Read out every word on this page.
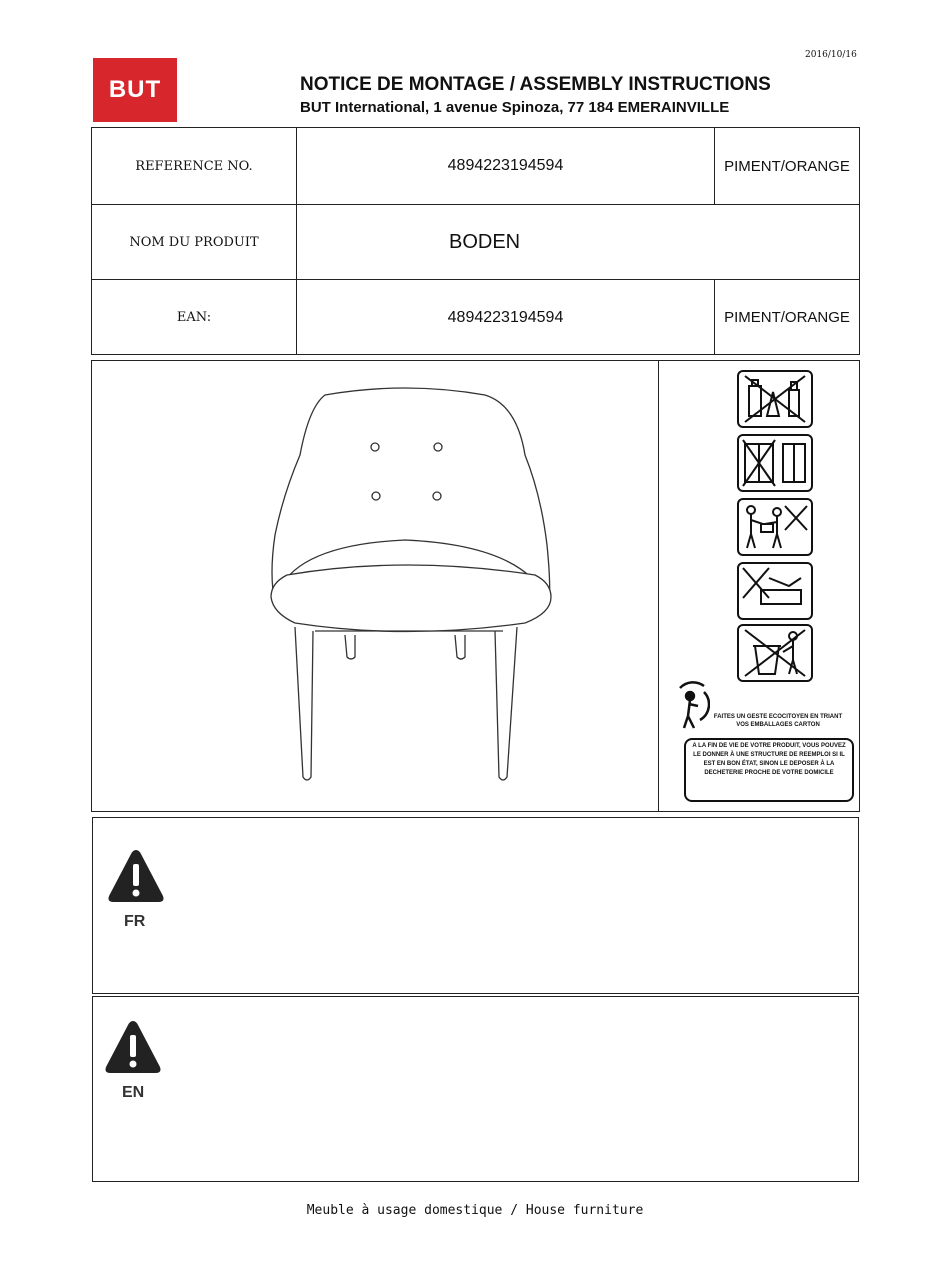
2016/10/16
BUT	NOTICE DE MONTAGE / ASSEMBLY INSTRUCTIONS
BUT International, 1 avenue Spinoza, 77 184 EMERAINVILLE
REFERENCE NO.	4894223194594	PIMENT/ORANGE
NOM DU PRODUIT	BODEN
EAN:	4894223194594	PIMENT/ORANGE
FAITES UN GESTE ECOCITOYEN EN TRIANT VOS EMBALLAGES CARTON
A LA FIN DE VIE DE VOTRE PRODUIT, VOUS POUVEZ LE DONNER À UNE STRUCTURE DE REEMPLOI SI IL EST EN BON ÉTAT, SINON LE DEPOSER À LA DECHETERIE PROCHE DE VOTRE DOMICILE
FR
EN
Meuble à usage domestique / House furniture
